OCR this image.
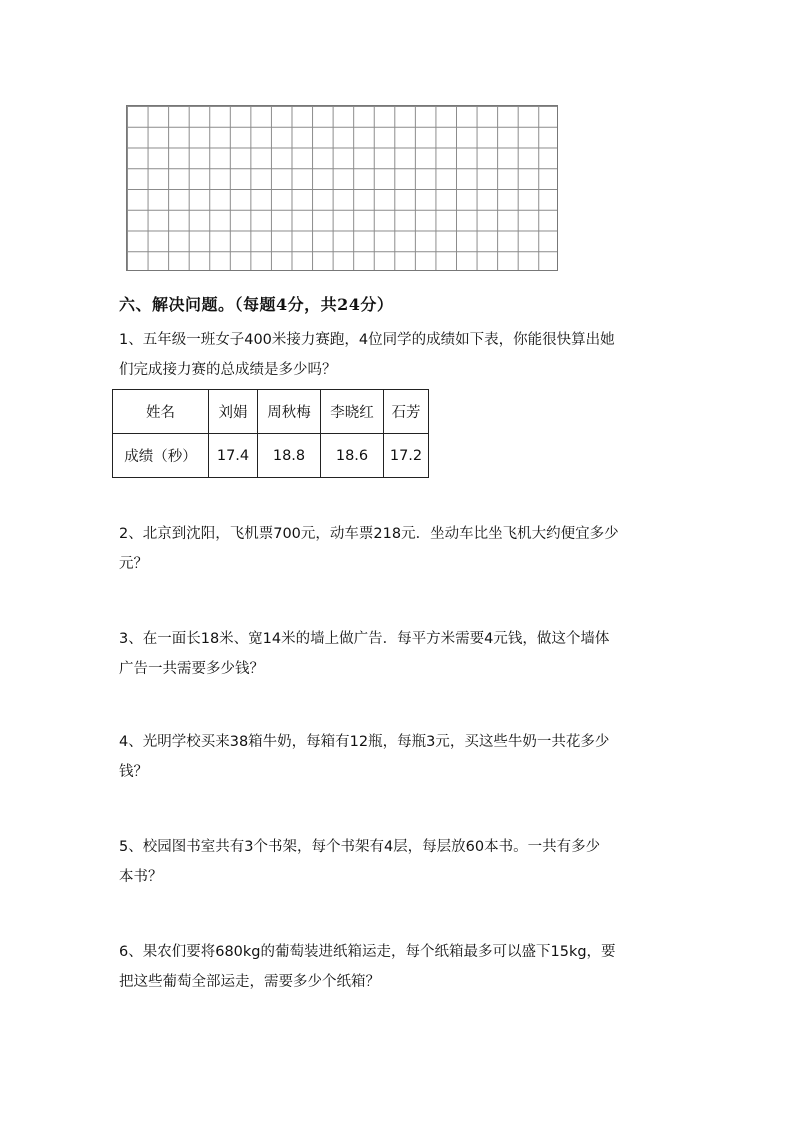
六、解决问题。（每题4分，共24分）
1、五年级一班女子400米接力赛跑，4位同学的成绩如下表，你能很快算出她
们完成接力赛的总成绩是多少吗？
姓名	刘娟	周秋梅	李晓红	石芳
成绩（秒）	17.4	18.8	18.6	17.2
2、北京到沈阳，飞机票700元，动车票218元．坐动车比坐飞机大约便宜多少
元？
3、在一面长18米、宽14米的墙上做广告．每平方米需要4元钱，做这个墙体
广告一共需要多少钱？
4、光明学校买来38箱牛奶，每箱有12瓶，每瓶3元，买这些牛奶一共花多少
钱？
5、校园图书室共有3个书架，每个书架有4层，每层放60本书。一共有多少
本书？
6、果农们要将680kg的葡萄装进纸箱运走，每个纸箱最多可以盛下15kg，要
把这些葡萄全部运走，需要多少个纸箱？
